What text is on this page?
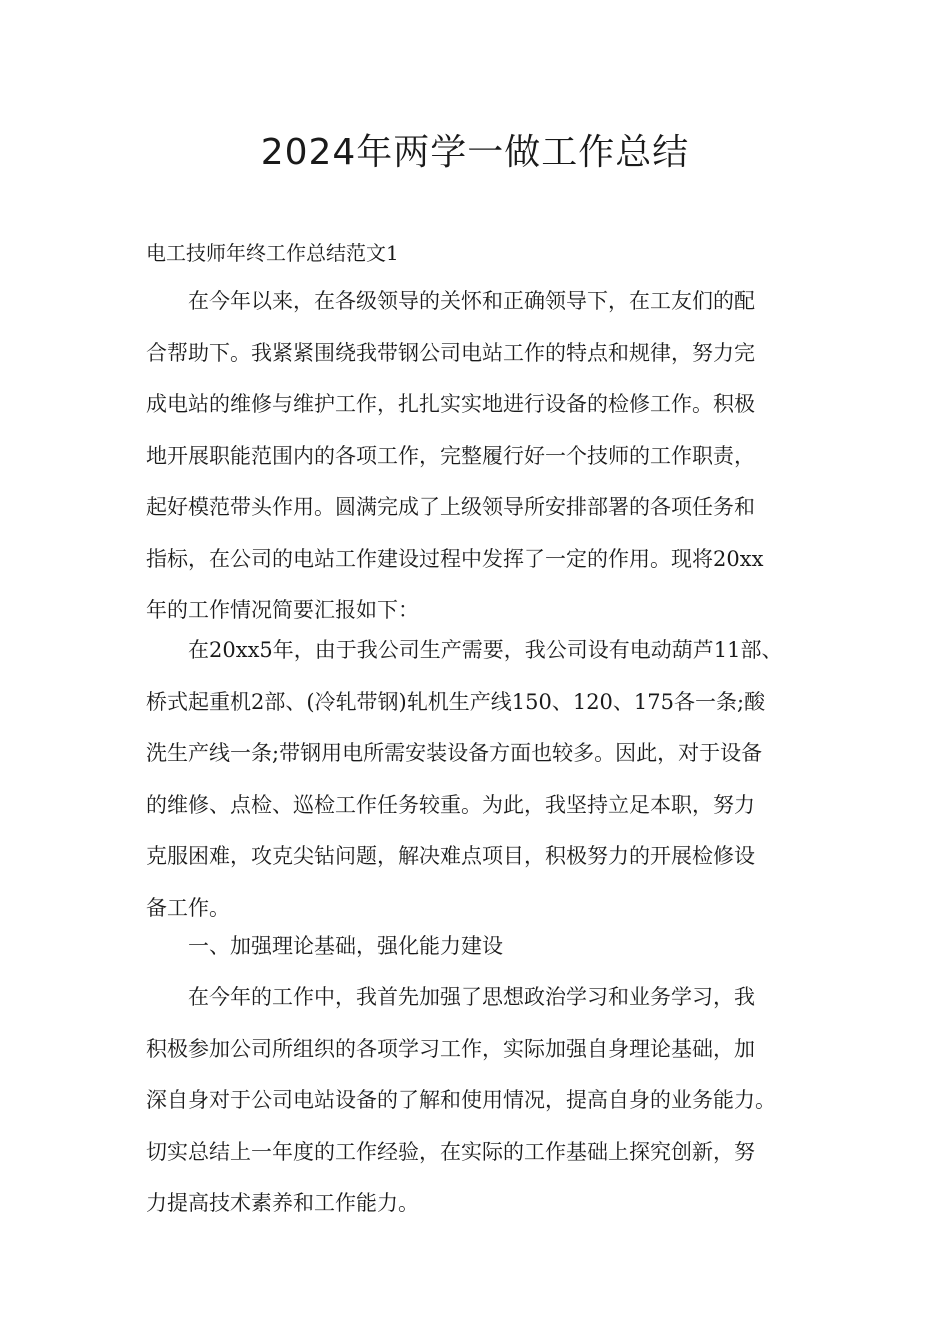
2024年两学一做工作总结

电工技师年终工作总结范文1

在今年以来，在各级领导的关怀和正确领导下，在工友们的配
合帮助下。我紧紧围绕我带钢公司电站工作的特点和规律，努力完
成电站的维修与维护工作，扎扎实实地进行设备的检修工作。积极
地开展职能范围内的各项工作，完整履行好一个技师的工作职责，
起好模范带头作用。圆满完成了上级领导所安排部署的各项任务和
指标，在公司的电站工作建设过程中发挥了一定的作用。现将20xx
年的工作情况简要汇报如下：

在20xx5年，由于我公司生产需要，我公司设有电动葫芦11部、
桥式起重机2部、(冷轧带钢)轧机生产线150、120、175各一条;酸
洗生产线一条;带钢用电所需安装设备方面也较多。因此，对于设备
的维修、点检、巡检工作任务较重。为此，我坚持立足本职，努力
克服困难，攻克尖钻问题，解决难点项目，积极努力的开展检修设
备工作。

一、加强理论基础，强化能力建设

在今年的工作中，我首先加强了思想政治学习和业务学习，我
积极参加公司所组织的各项学习工作，实际加强自身理论基础，加
深自身对于公司电站设备的了解和使用情况，提高自身的业务能力。
切实总结上一年度的工作经验，在实际的工作基础上探究创新，努
力提高技术素养和工作能力。
